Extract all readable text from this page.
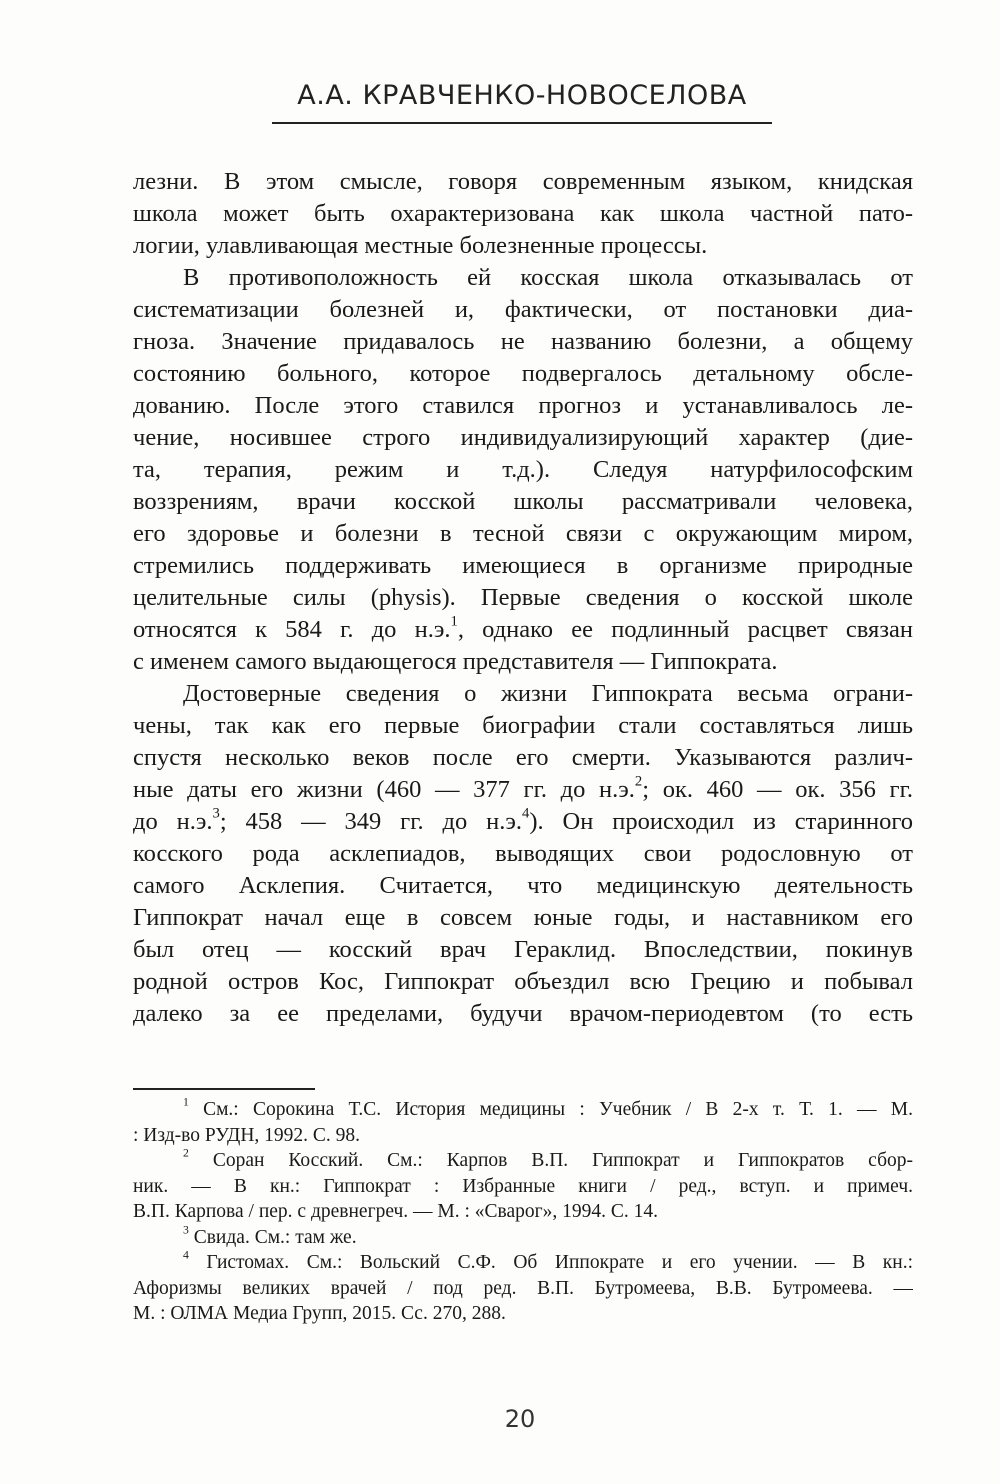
А.А. КРАВЧЕНКО-НОВОСЕЛОВА
лезни. В этом смысле, говоря современным языком, книдская
школа может быть охарактеризована как школа частной пато-
логии, улавливающая местные болезненные процессы.
В противоположность ей косская школа отказывалась от
систематизации болезней и, фактически, от постановки диа-
гноза. Значение придавалось не названию болезни, а общему
состоянию больного, которое подвергалось детальному обсле-
дованию. После этого ставился прогноз и устанавливалось ле-
чение, носившее строго индивидуализирующий характер (дие-
та, терапия, режим и т.д.). Следуя натурфилософским
воззрениям, врачи косской школы рассматривали человека,
его здоровье и болезни в тесной связи с окружающим миром,
стремились поддерживать имеющиеся в организме природные
целительные силы (physis). Первые сведения о косской школе
относятся к 584 г. до н.э.$^1$, однако ее подлинный расцвет связан
с именем самого выдающегося представителя — Гиппократа.
Достоверные сведения о жизни Гиппократа весьма ограни-
чены, так как его первые биографии стали составляться лишь
спустя несколько веков после его смерти. Указываются различ-
ные даты его жизни (460 — 377 гг. до н.э.$^2$; ок. 460 — ок. 356 гг.
до н.э.$^3$; 458 — 349 гг. до н.э.$^4$). Он происходил из старинного
косского рода асклепиадов, выводящих свои родословную от
самого Асклепия. Считается, что медицинскую деятельность
Гиппократ начал еще в совсем юные годы, и наставником его
был отец — косский врач Гераклид. Впоследствии, покинув
родной остров Кос, Гиппократ объездил всю Грецию и побывал
далеко за ее пределами, будучи врачом-периодевтом (то есть
$^1$ См.: Сорокина Т.С. История медицины : Учебник / В 2-х т. Т. 1. — М.
: Изд-во РУДН, 1992. С. 98.
$^2$ Соран Косский. См.: Карпов В.П. Гиппократ и Гиппократов сбор-
ник. — В кн.: Гиппократ : Избранные книги / ред., вступ. и примеч.
В.П. Карпова / пер. с древнегреч. — М. : «Сварог», 1994. С. 14.
$^3$ Свида. См.: там же.
$^4$ Гистомах. См.: Вольский С.Ф. Об Иппократе и его учении. — В кн.:
Афоризмы великих врачей / под ред. В.П. Бутромеева, В.В. Бутромеева. —
М. : ОЛМА Медиа Групп, 2015. Сс. 270, 288.
20
